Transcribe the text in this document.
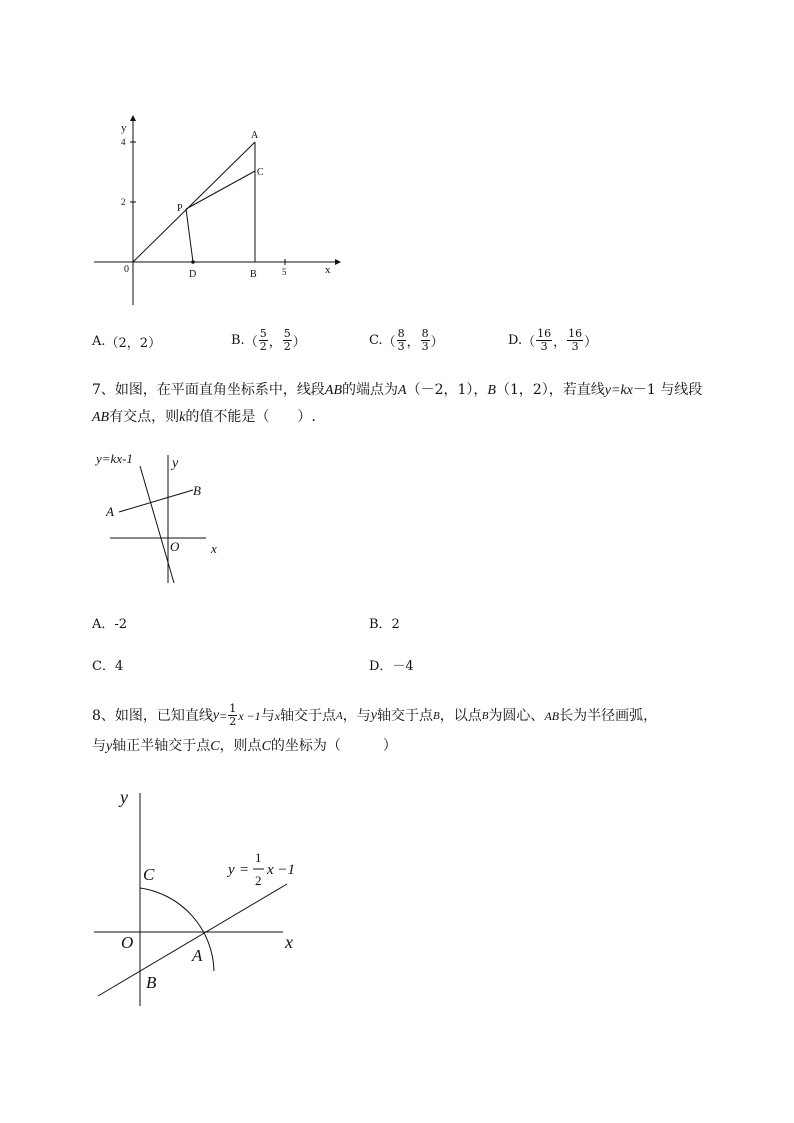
y
4
2
0
A
C
P
D	B	5	x
A. （2，2）	B. （ $\frac{5}{2}$ ， $\frac{5}{2}$ ）	C. （ $\frac{8}{3}$ ， $\frac{8}{3}$ ）	D. （ $\frac{16}{3}$ ， $\frac{16}{3}$ ）
7、如图，在平面直角坐标系中，线段AB的端点为A（－2，1），B（1，2），若直线y=kx－1 与线段
AB有交点，则k的值不能是（　　）.
y=kx-1	y
B
A
O x
A．-2	B．2
C．4	D．－4
8、如图，已知直线 $y = \frac{1}{2}$ x −1 与 x 轴交于点 A ，与 y 轴交于点 B ，以点 B 为圆心、 AB 长为半径画弧，
与y轴正半轴交于点C，则点C的坐标为（　　　）
y
C
O
A
B
x
y =
1
2
x −1
